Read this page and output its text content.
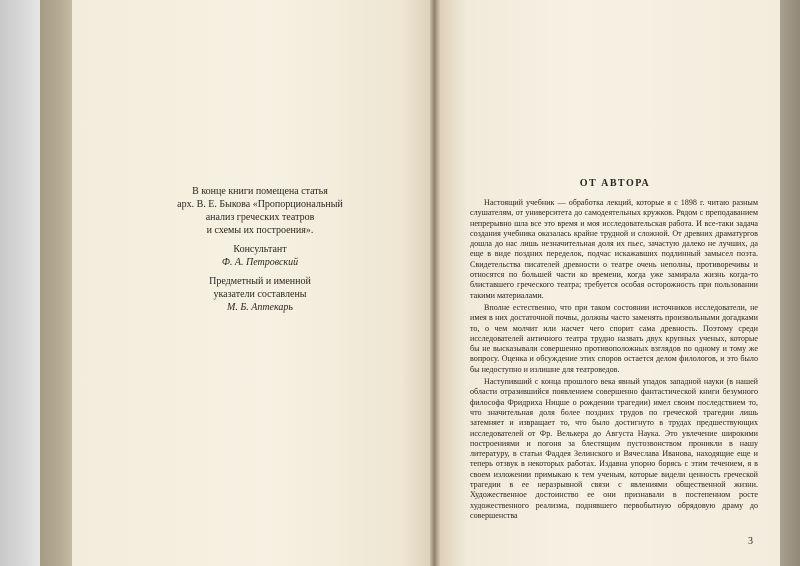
В конце книги помещена статья

арх. В. Е. Быкова «Пропорциональный

анализ греческих театров

и схемы их построения».

Консультант

Ф. А. Петровский

Предметный и именной

указатели составлены

М. Б. Аптекарь

ОТ АВТОРА

Настоящий учебник — обработка лекций, которые я с 1898 г. читаю разным слушателям, от университета до самодеятельных кружков. Рядом с преподаванием непрерывно шла все это время и моя исследовательская работа. И все-таки задача создания учебника оказалась крайне трудной и сложной. От древних драматургов дошла до нас лишь незначительная доля их пьес, зачастую далеко не лучших, да еще в виде поздних переделок, подчас искажавших подлинный замысел поэта. Свидетельства писателей древности о театре очень неполны, противоречивы и относятся по большей части ко времени, когда уже замирала жизнь когда-то блиставшего греческого театра; требуется особая осторожность при пользовании такими материалами.

Вполне естественно, что при таком состоянии источников исследователи, не имея в них достаточной почвы, должны часто заменять произвольными догадками то, о чем молчит или насчет чего спорит сама древность. Поэтому среди исследователей античного театра трудно назвать двух крупных ученых, которые бы не высказывали совершенно противоположных взглядов по одному и тому же вопросу. Оценка и обсуждение этих споров остается делом филологов, и это было бы недоступно и излишне для театроведов.

Наступивший с конца прошлого века явный упадок западной науки (в нашей области отразившийся появлением совершенно фантастической книги безумного философа Фридриха Ницше о рождении трагедии) имел своим последствием то, что значительная доля более поздних трудов по греческой трагедии лишь затемняет и извращает то, что было достигнуто в трудах предшествующих исследователей от Фр. Велькера до Августа Наука. Это увлечение широкими построениями и погоня за блестящим пустозвонством проникли в нашу литературу, в статьи Фаддея Зелинского и Вячеслава Иванова, находящие еще и теперь отзвук в некоторых работах. Издавна упорно борясь с этим течением, я в своем изложении примыкаю к тем ученым, которые видели ценность греческой трагедии в ее неразрывной связи с явлениями общественной жизни. Художественное достоинство ее они признавали в постепенном росте художественного реализма, поднявшего первобытную обрядовую драму до совершенства

3
